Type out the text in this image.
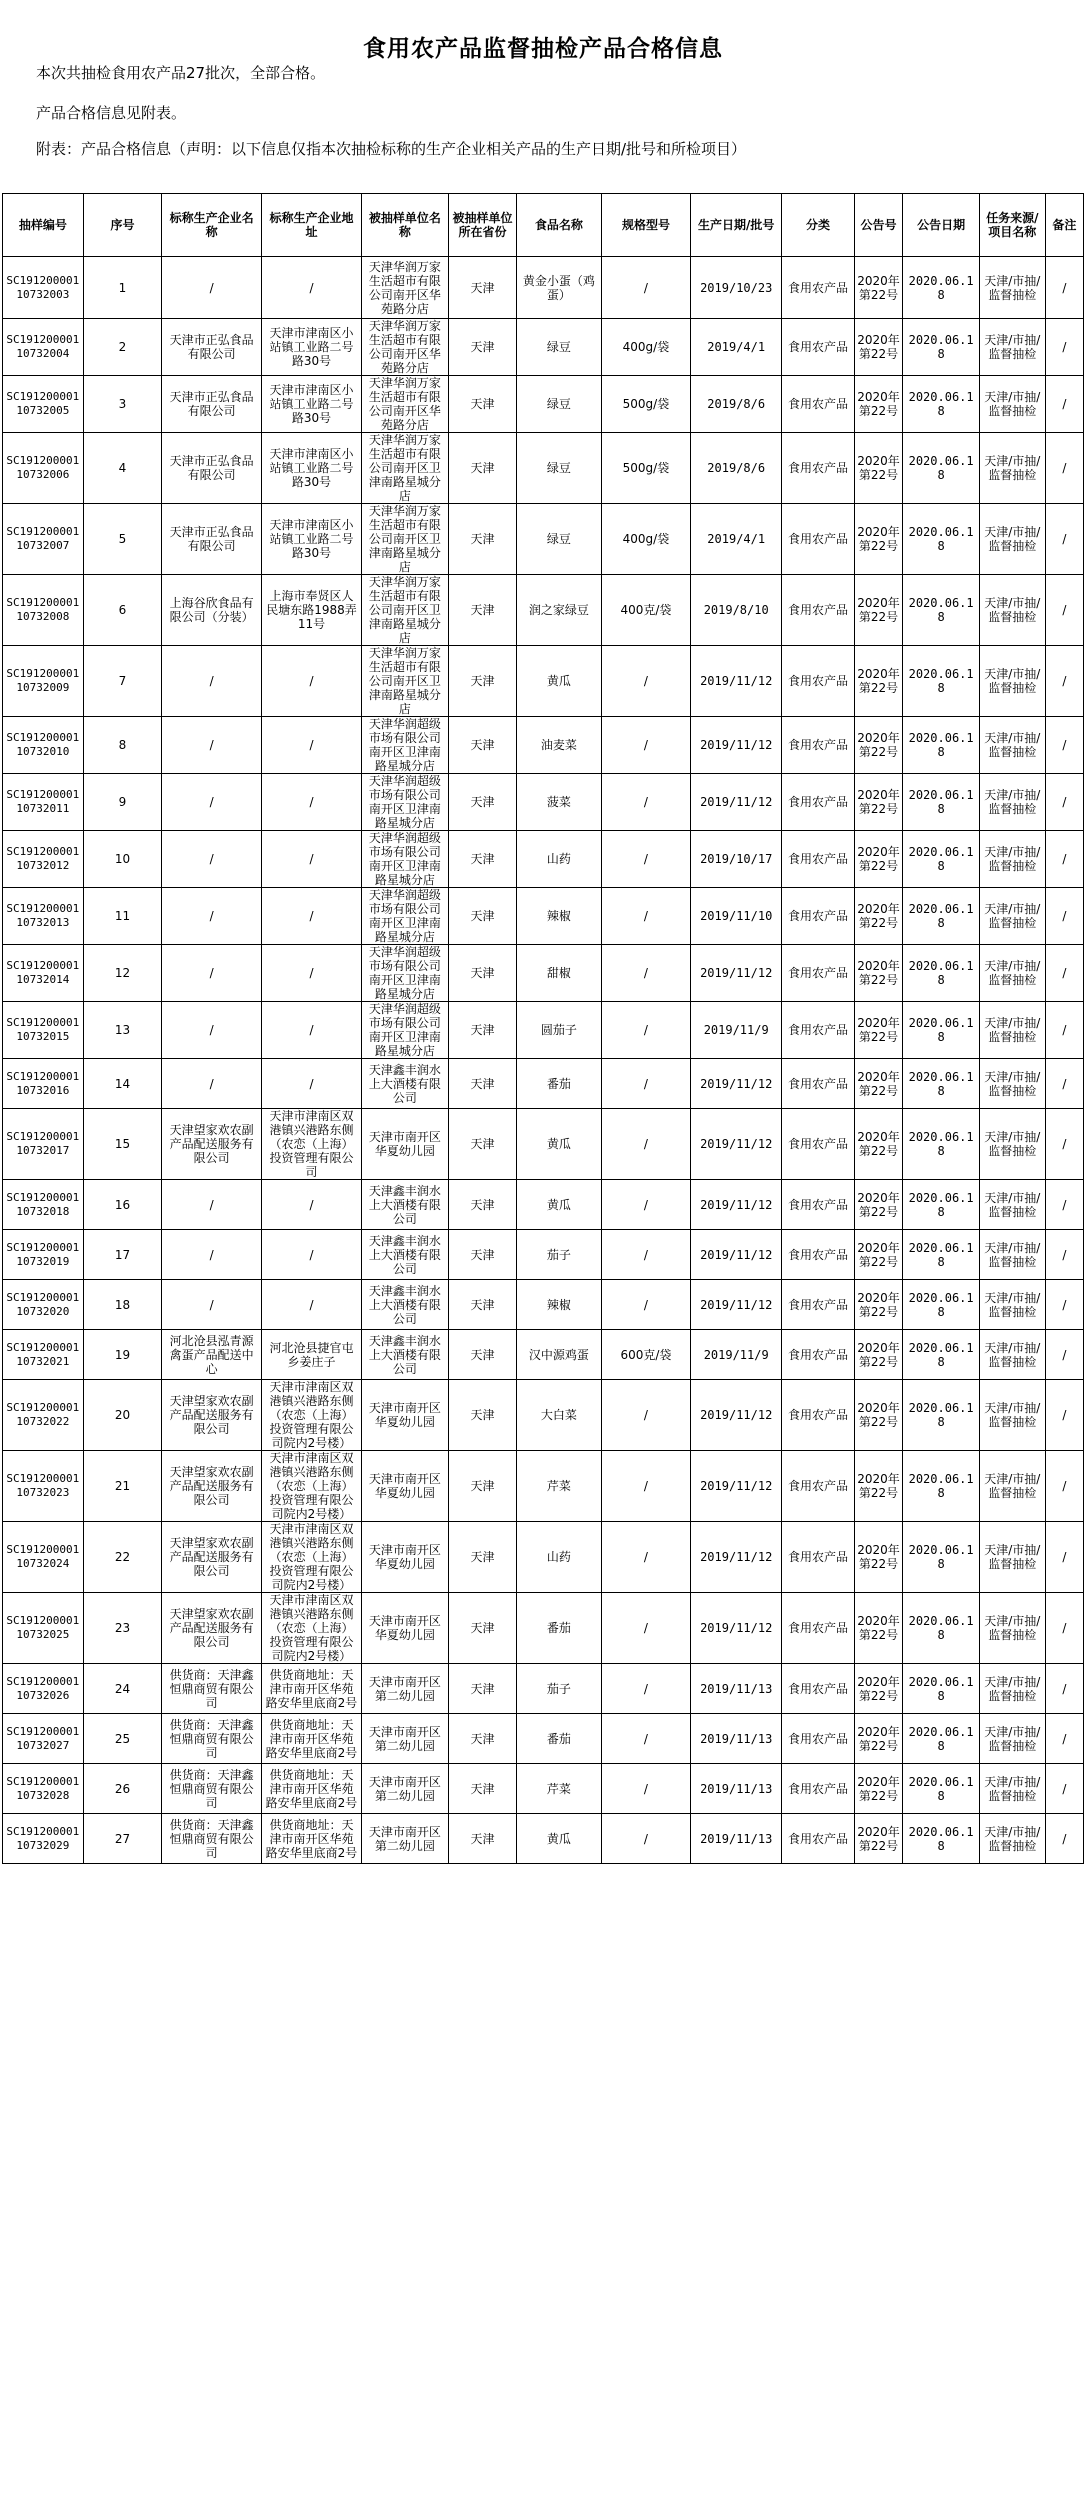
食用农产品监督抽检产品合格信息
本次共抽检食用农产品27批次，全部合格。
产品合格信息见附表。
附表：产品合格信息（声明：以下信息仅指本次抽检标称的生产企业相关产品的生产日期/批号和所检项目）
抽样编号	序号	标称生产企业名称	标称生产企业地址	被抽样单位名称	被抽样单位所在省份	食品名称	规格型号	生产日期/批号	分类	公告号	公告日期	任务来源/项目名称	备注
SC19120000110732003	1	/	/	天津华润万家生活超市有限公司南开区华苑路分店	天津	黄金小蛋（鸡蛋）	/	2019/10/23	食用农产品	2020年第22号	2020.06.18	天津/市抽/监督抽检	/
SC19120000110732004	2	天津市正弘食品有限公司	天津市津南区小站镇工业路二号路30号	天津华润万家生活超市有限公司南开区华苑路分店	天津	绿豆	400g/袋	2019/4/1	食用农产品	2020年第22号	2020.06.18	天津/市抽/监督抽检	/
SC19120000110732005	3	天津市正弘食品有限公司	天津市津南区小站镇工业路二号路30号	天津华润万家生活超市有限公司南开区华苑路分店	天津	绿豆	500g/袋	2019/8/6	食用农产品	2020年第22号	2020.06.18	天津/市抽/监督抽检	/
SC19120000110732006	4	天津市正弘食品有限公司	天津市津南区小站镇工业路二号路30号	天津华润万家生活超市有限公司南开区卫津南路星城分店	天津	绿豆	500g/袋	2019/8/6	食用农产品	2020年第22号	2020.06.18	天津/市抽/监督抽检	/
SC19120000110732007	5	天津市正弘食品有限公司	天津市津南区小站镇工业路二号路30号	天津华润万家生活超市有限公司南开区卫津南路星城分店	天津	绿豆	400g/袋	2019/4/1	食用农产品	2020年第22号	2020.06.18	天津/市抽/监督抽检	/
SC19120000110732008	6	上海谷欣食品有限公司（分装）	上海市奉贤区人民塘东路1988弄11号	天津华润万家生活超市有限公司南开区卫津南路星城分店	天津	润之家绿豆	400克/袋	2019/8/10	食用农产品	2020年第22号	2020.06.18	天津/市抽/监督抽检	/
SC19120000110732009	7	/	/	天津华润万家生活超市有限公司南开区卫津南路星城分店	天津	黄瓜	/	2019/11/12	食用农产品	2020年第22号	2020.06.18	天津/市抽/监督抽检	/
SC19120000110732010	8	/	/	天津华润超级市场有限公司南开区卫津南路星城分店	天津	油麦菜	/	2019/11/12	食用农产品	2020年第22号	2020.06.18	天津/市抽/监督抽检	/
SC19120000110732011	9	/	/	天津华润超级市场有限公司南开区卫津南路星城分店	天津	菠菜	/	2019/11/12	食用农产品	2020年第22号	2020.06.18	天津/市抽/监督抽检	/
SC19120000110732012	10	/	/	天津华润超级市场有限公司南开区卫津南路星城分店	天津	山药	/	2019/10/17	食用农产品	2020年第22号	2020.06.18	天津/市抽/监督抽检	/
SC19120000110732013	11	/	/	天津华润超级市场有限公司南开区卫津南路星城分店	天津	辣椒	/	2019/11/10	食用农产品	2020年第22号	2020.06.18	天津/市抽/监督抽检	/
SC19120000110732014	12	/	/	天津华润超级市场有限公司南开区卫津南路星城分店	天津	甜椒	/	2019/11/12	食用农产品	2020年第22号	2020.06.18	天津/市抽/监督抽检	/
SC19120000110732015	13	/	/	天津华润超级市场有限公司南开区卫津南路星城分店	天津	圆茄子	/	2019/11/9	食用农产品	2020年第22号	2020.06.18	天津/市抽/监督抽检	/
SC19120000110732016	14	/	/	天津鑫丰润水上大酒楼有限公司	天津	番茄	/	2019/11/12	食用农产品	2020年第22号	2020.06.18	天津/市抽/监督抽检	/
SC19120000110732017	15	天津望家欢农副产品配送服务有限公司	天津市津南区双港镇兴港路东侧（农恋（上海）投资管理有限公司	天津市南开区华夏幼儿园	天津	黄瓜	/	2019/11/12	食用农产品	2020年第22号	2020.06.18	天津/市抽/监督抽检	/
SC19120000110732018	16	/	/	天津鑫丰润水上大酒楼有限公司	天津	黄瓜	/	2019/11/12	食用农产品	2020年第22号	2020.06.18	天津/市抽/监督抽检	/
SC19120000110732019	17	/	/	天津鑫丰润水上大酒楼有限公司	天津	茄子	/	2019/11/12	食用农产品	2020年第22号	2020.06.18	天津/市抽/监督抽检	/
SC19120000110732020	18	/	/	天津鑫丰润水上大酒楼有限公司	天津	辣椒	/	2019/11/12	食用农产品	2020年第22号	2020.06.18	天津/市抽/监督抽检	/
SC19120000110732021	19	河北沧县泓青源禽蛋产品配送中心	河北沧县捷官屯乡姜庄子	天津鑫丰润水上大酒楼有限公司	天津	汉中源鸡蛋	600克/袋	2019/11/9	食用农产品	2020年第22号	2020.06.18	天津/市抽/监督抽检	/
SC19120000110732022	20	天津望家欢农副产品配送服务有限公司	天津市津南区双港镇兴港路东侧（农恋（上海）投资管理有限公司院内2号楼）	天津市南开区华夏幼儿园	天津	大白菜	/	2019/11/12	食用农产品	2020年第22号	2020.06.18	天津/市抽/监督抽检	/
SC19120000110732023	21	天津望家欢农副产品配送服务有限公司	天津市津南区双港镇兴港路东侧（农恋（上海）投资管理有限公司院内2号楼）	天津市南开区华夏幼儿园	天津	芹菜	/	2019/11/12	食用农产品	2020年第22号	2020.06.18	天津/市抽/监督抽检	/
SC19120000110732024	22	天津望家欢农副产品配送服务有限公司	天津市津南区双港镇兴港路东侧（农恋（上海）投资管理有限公司院内2号楼）	天津市南开区华夏幼儿园	天津	山药	/	2019/11/12	食用农产品	2020年第22号	2020.06.18	天津/市抽/监督抽检	/
SC19120000110732025	23	天津望家欢农副产品配送服务有限公司	天津市津南区双港镇兴港路东侧（农恋（上海）投资管理有限公司院内2号楼）	天津市南开区华夏幼儿园	天津	番茄	/	2019/11/12	食用农产品	2020年第22号	2020.06.18	天津/市抽/监督抽检	/
SC19120000110732026	24	供货商：天津鑫恒鼎商贸有限公司	供货商地址：天津市南开区华苑路安华里底商2号	天津市南开区第二幼儿园	天津	茄子	/	2019/11/13	食用农产品	2020年第22号	2020.06.18	天津/市抽/监督抽检	/
SC19120000110732027	25	供货商：天津鑫恒鼎商贸有限公司	供货商地址：天津市南开区华苑路安华里底商2号	天津市南开区第二幼儿园	天津	番茄	/	2019/11/13	食用农产品	2020年第22号	2020.06.18	天津/市抽/监督抽检	/
SC19120000110732028	26	供货商：天津鑫恒鼎商贸有限公司	供货商地址：天津市南开区华苑路安华里底商2号	天津市南开区第二幼儿园	天津	芹菜	/	2019/11/13	食用农产品	2020年第22号	2020.06.18	天津/市抽/监督抽检	/
SC19120000110732029	27	供货商：天津鑫恒鼎商贸有限公司	供货商地址：天津市南开区华苑路安华里底商2号	天津市南开区第二幼儿园	天津	黄瓜	/	2019/11/13	食用农产品	2020年第22号	2020.06.18	天津/市抽/监督抽检	/
